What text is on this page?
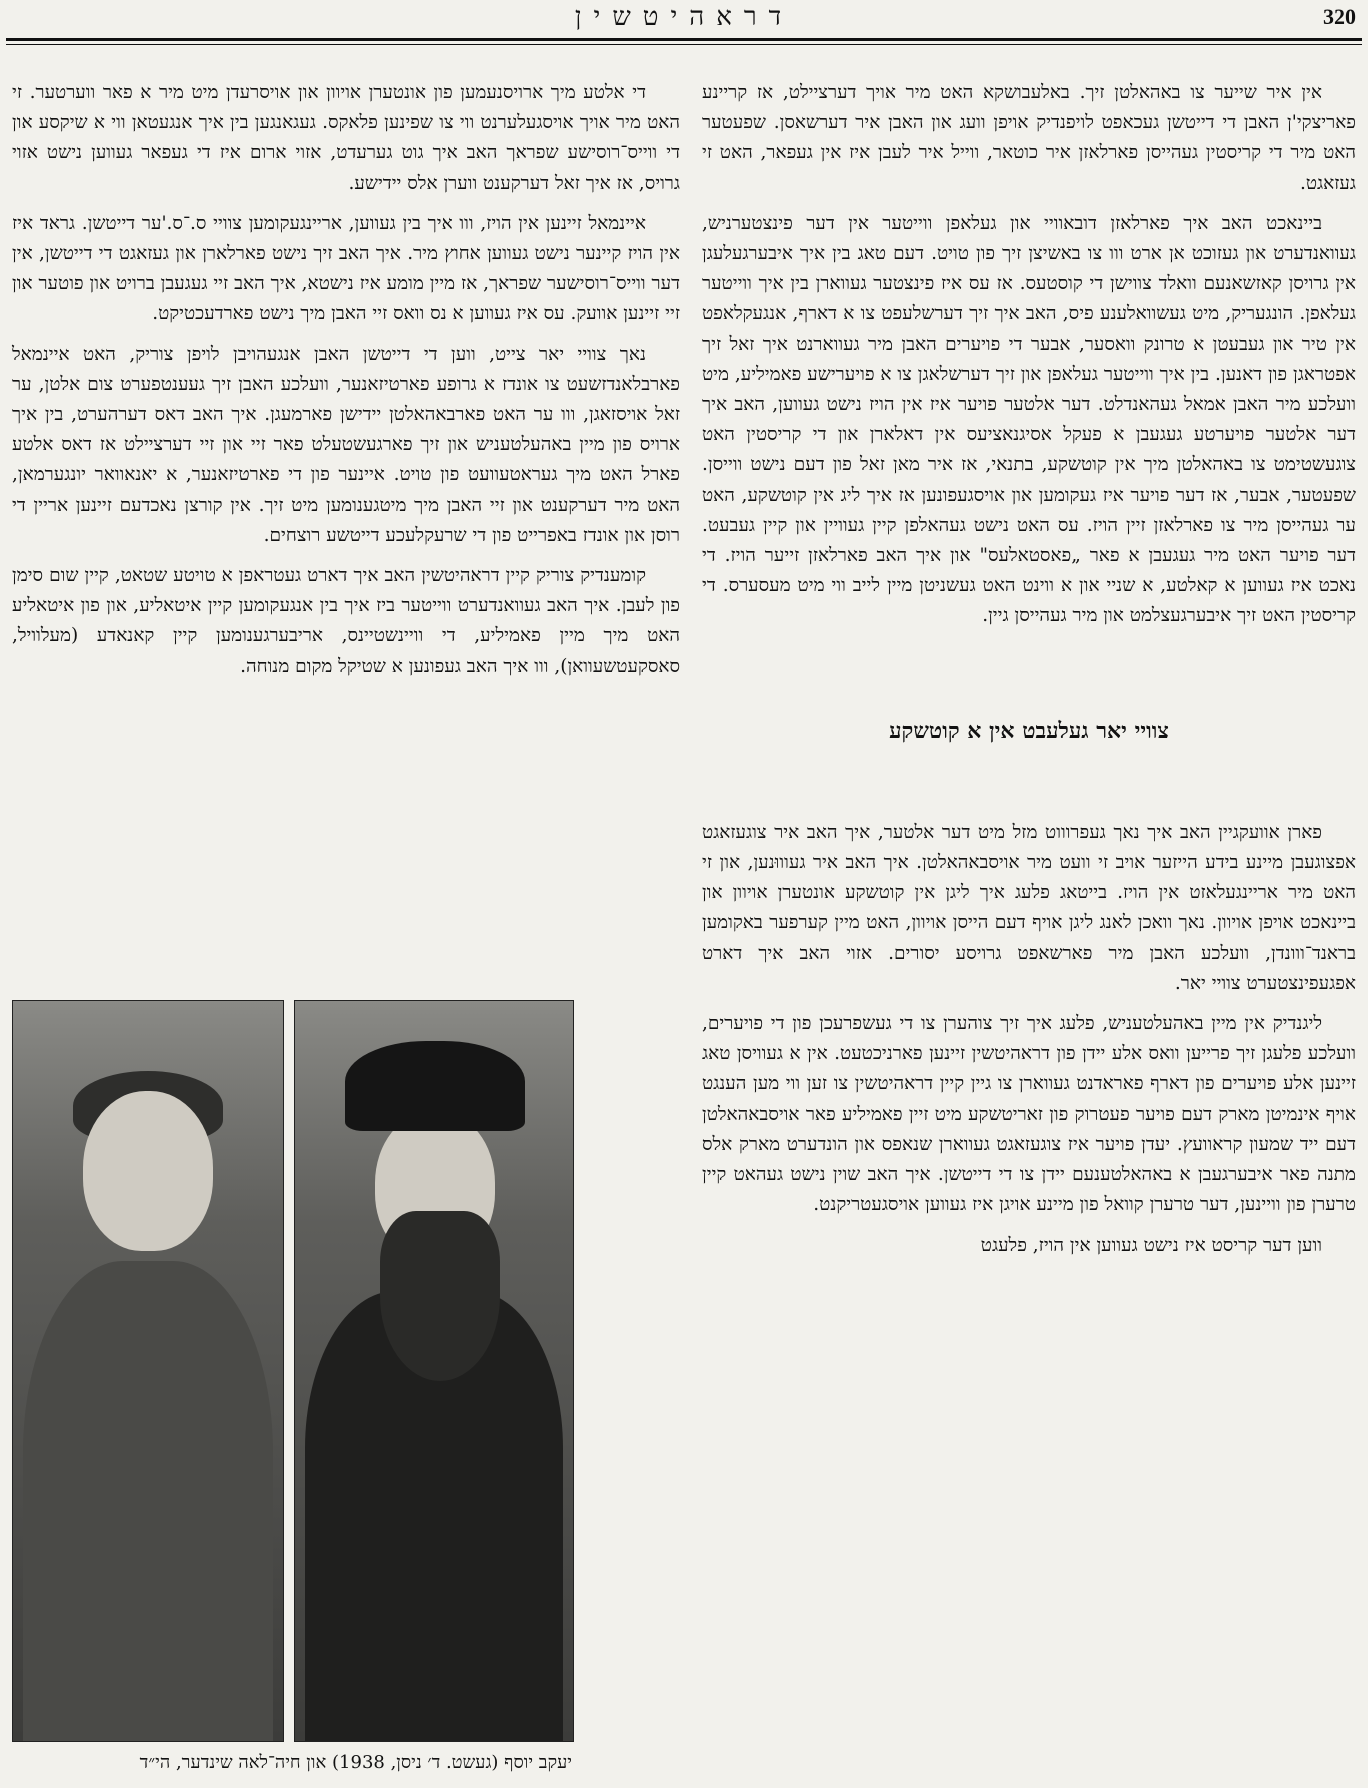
דראהיטשין	320

אין איר שייער צו באהאלטן זיך. באלעבושקא האט מיר אויך דערציילט, אז קריינע פאריצקי'ן האבן די דייטשן געכאפט לויפנדיק אויפן וועג און האבן איר דערשאסן. שפעטער האט מיר די קריסטין געהייסן פארלאזן איר כוטאר, ווייל איר לעבן איז אין געפאר, האט זי געזאגט.

ביינאכט האב איך פארלאזן דובאוויי און געלאפן ווייטער אין דער פינצטערניש, געוואנדערט און געזוכט אן ארט ווו צו באשיצן זיך פון טויט. דעם טאג בין איך איבערגעלעגן אין גרויסן קאזשאנעם וואלד צווישן די קוסטעס. אז עס איז פינצטער געווארן בין איך ווייטער געלאפן. הונגעריק, מיט געשוואלענע פיס, האב איך זיך דערשלעפט צו א דארף, אנגעקלאפט אין טיר און געבעטן א טרונק וואסער, אבער די פויערים האבן מיר געווארנט איך זאל זיך אפטראגן פון דאנען. בין איך ווייטער געלאפן און זיך דערשלאגן צו א פויערישע פאמיליע, מיט וועלכע מיר האבן אמאל געהאנדלט. דער אלטער פויער איז אין הויז נישט געווען, האב איך דער אלטער פויערטע געגעבן א פעקל אסיגנאציעס אין דאלארן און די קריסטין האט צוגעשטימט צו באהאלטן מיך אין קוטשקע, בתנאי, אז איר מאן זאל פון דעם נישט ווייסן. שפעטער, אבער, אז דער פויער איז געקומען און אויסגעפונען אז איך ליג אין קוטשקע, האט ער געהייסן מיר צו פארלאזן זיין הויז. עס האט נישט געהאלפן קיין געוויין און קיין געבעט. דער פויער האט מיר געגעבן א פאר „פאסטאלעס" און איך האב פארלאזן זייער הויז. די נאכט איז געווען א קאלטע, א שניי און א ווינט האט געשניטן מיין לייב ווי מיט מעסערס. די קריסטין האט זיך איבערגעצלמט און מיר געהייסן גיין.

צוויי יאר געלעבט אין א קוטשקע

פארן אוועקגיין האב איך נאך געפרוווט מזל מיט דער אלטער, איך האב איר צוגעזאגט אפצוגעבן מיינע בידע הייזער אויב זי וועט מיר אויסבאהאלטן. איך האב איר געוווּנען, און זי האט מיר אריינגעלאזט אין הויז. בייטאג פלעג איך ליגן אין קוטשקע אונטערן אויוון און ביינאכט אויפן אויוון. נאך וואכן לאנג ליגן אויף דעם הייסן אויוון, האט מיין קערפער באקומען בראנד־ווונדן, וועלכע האבן מיר פארשאפט גרויסע יסורים. אזוי האב איך דארט אפגעפינצטערט צוויי יאר.

ליגנדיק אין מיין באהעלטעניש, פלעג איך זיך צוהערן צו די געשפרעכן פון די פויערים, וועלכע פלעגן זיך פרייען וואס אלע יידן פון דראהיטשין זיינען פארניכטעט. אין א געוויסן טאג זיינען אלע פויערים פון דארף פאראדנט געווארן צו גיין קיין דראהיטשין צו זען ווי מען הענגט אויף אינמיטן מארק דעם פויער פעטרוק פון זאריטשקע מיט זיין פאמיליע פאר אויסבאהאלטן דעם ייד שמעון קראוועץ. יעדן פויער איז צוגעזאגט געווארן שנאפס און הונדערט מארק אלס מתנה פאר איבערגעבן א באהאלטענעם יידן צו די דייטשן. איך האב שוין נישט געהאט קיין טרערן פון וויינען, דער טרערן קוואל פון מיינע אויגן איז געווען אויסגעטריקנט.

ווען דער קריסט איז נישט געווען אין הויז, פלעגט

די אלטע מיך ארויסנעמען פון אונטערן אויוון און אויסרעדן מיט מיר א פאר ווערטער. זי האט מיר אויך אויסגעלערנט ווי צו שפינען פלאקס. געגאנגען בין איך אנגעטאן ווי א שיקסע און די ווייס־רוסישע שפראך האב איך גוט גערעדט, אזוי ארום איז די געפאר געווען נישט אזוי גרויס, אז איך זאל דערקענט ווערן אלס יידישע.

איינמאל זיינען אין הויז, ווו איך בין געווען, אריינגעקומען צוויי ס.־ס.'ער דייטשן. גראד איז אין הויז קיינער נישט געווען אחוץ מיר. איך האב זיך נישט פארלארן און געזאגט די דייטשן, אין דער ווייס־רוסישער שפראך, אז מיין מומע איז נישטא, איך האב זיי געגעבן ברויט און פוטער און זיי זיינען אוועק. עס איז געווען א נס וואס זיי האבן מיך נישט פארדעכטיקט.

נאך צוויי יאר צייט, ווען די דייטשן האבן אנגעהויבן לויפן צוריק, האט איינמאל פארבלאנדזשעט צו אונדז א גרופע פארטיזאנער, וועלכע האבן זיך געענטפערט צום אלטן, ער זאל אויסזאגן, ווו ער האט פארבאהאלטן יידישן פארמעגן. איך האב דאס דערהערט, בין איך ארויס פון מיין באהעלטעניש און זיך פארגעשטעלט פאר זיי און זיי דערציילט אז דאס אלטע פארל האט מיך געראטעוועט פון טויט. איינער פון די פארטיזאנער, א יאנאוואר יונגערמאן, האט מיר דערקענט און זיי האבן מיך מיטגענומען מיט זיך. אין קורצן נאכדעם זיינען אריין די רוסן און אונדז באפרייט פון די שרעקלעכע דייטשע רוצחים.

קומענדיק צוריק קיין דראהיטשין האב איך דארט געטראפן א טויטע שטאט, קיין שום סימן פון לעבן. איך האב געוואנדערט ווייטער ביז איך בין אנגעקומען קיין איטאליע, און פון איטאליע האט מיך מיין פאמיליע, די וויינשטיינס, אריבערגענומען קיין קאנאדע (מעלוויל, סאסקעטשעוואן), ווו איך האב געפונען א שטיקל מקום מנוחה.

יעקב יוסף (געשט. ד׳ ניסן, 1938) און חיה־לאה שינדער, הי״ד
